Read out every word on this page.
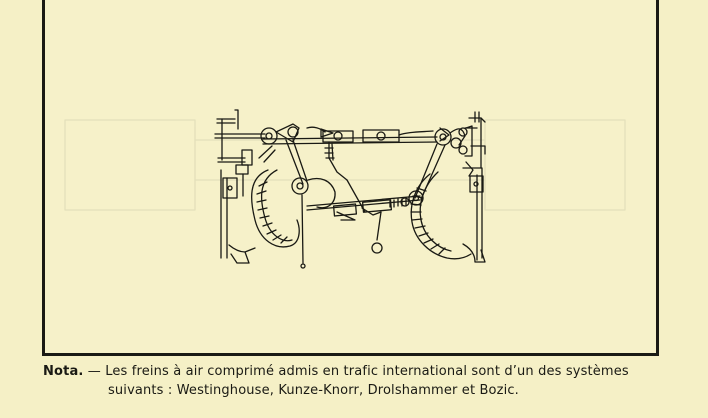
Nota. — Les freins à air comprimé admis en trafic international sont d’un des systèmes
suivants : Westinghouse, Kunze-Knorr, Drolshammer et Bozic.
